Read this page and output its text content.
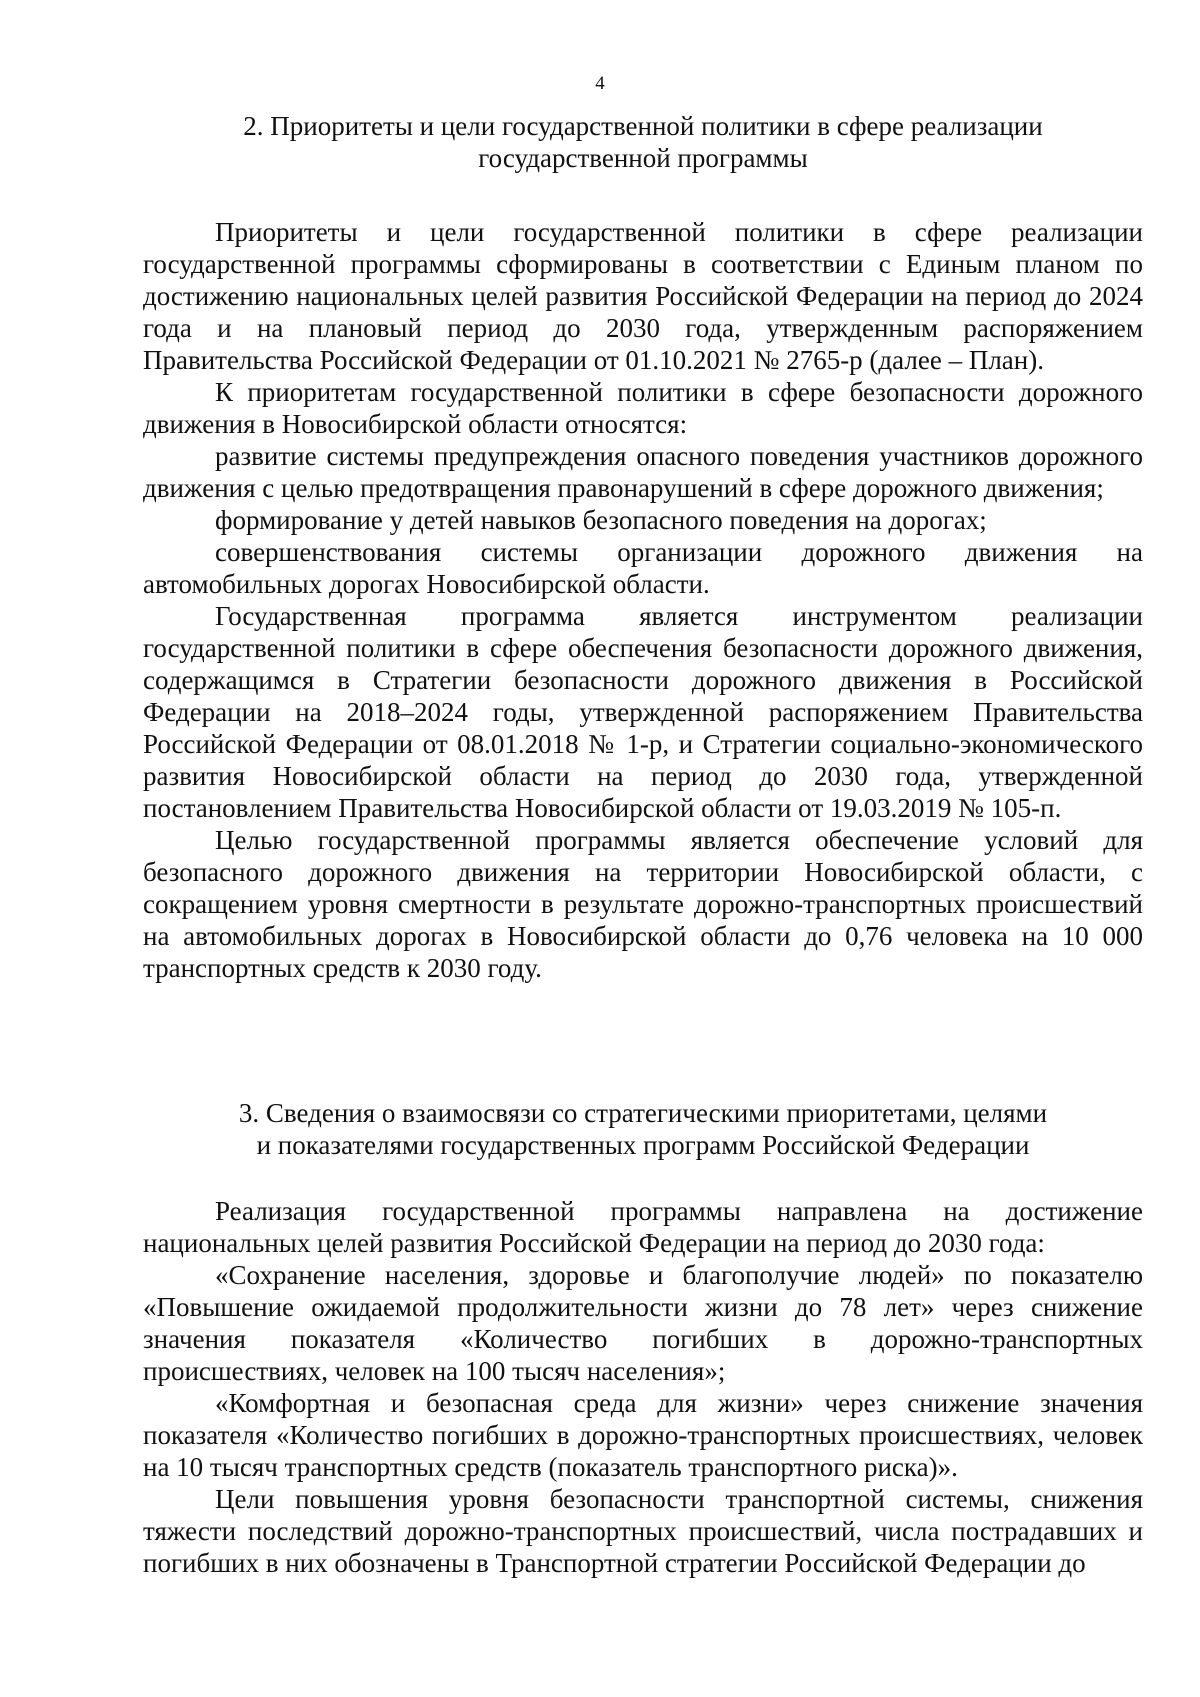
4
2. Приоритеты и цели государственной политики в сфере реализации
государственной программы

Приоритеты и цели государственной политики в сфере реализации государственной программы сформированы в соответствии с Единым планом по достижению национальных целей развития Российской Федерации на период до 2024 года и на плановый период до 2030 года, утвержденным распоряжением Правительства Российской Федерации от 01.10.2021 № 2765-р (далее – План).

К приоритетам государственной политики в сфере безопасности дорожного движения в Новосибирской области относятся:

развитие системы предупреждения опасного поведения участников дорожного движения с целью предотвращения правонарушений в сфере дорожного движения;

формирование у детей навыков безопасного поведения на дорогах;

совершенствования системы организации дорожного движения на автомобильных дорогах Новосибирской области.

Государственная программа является инструментом реализации государственной политики в сфере обеспечения безопасности дорожного движения, содержащимся в Стратегии безопасности дорожного движения в Российской Федерации на 2018–2024 годы, утвержденной распоряжением Правительства Российской Федерации от 08.01.2018 № 1-р, и Стратегии социально-экономического развития Новосибирской области на период до 2030 года, утвержденной постановлением Правительства Новосибирской области от 19.03.2019 № 105-п.

Целью государственной программы является обеспечение условий для безопасного дорожного движения на территории Новосибирской области, с сокращением уровня смертности в результате дорожно-транспортных происшествий на автомобильных дорогах в Новосибирской области до 0,76 человека на 10 000 транспортных средств к 2030 году.

3. Сведения о взаимосвязи со стратегическими приоритетами, целями
и показателями государственных программ Российской Федерации

Реализация государственной программы направлена на достижение национальных целей развития Российской Федерации на период до 2030 года:

«Сохранение населения, здоровье и благополучие людей» по показателю «Повышение ожидаемой продолжительности жизни до 78 лет» через снижение значения показателя «Количество погибших в дорожно-транспортных происшествиях, человек на 100 тысяч населения»;

«Комфортная и безопасная среда для жизни» через снижение значения показателя «Количество погибших в дорожно-транспортных происшествиях, человек на 10 тысяч транспортных средств (показатель транспортного риска)».

Цели повышения уровня безопасности транспортной системы, снижения тяжести последствий дорожно-транспортных происшествий, числа пострадавших и погибших в них обозначены в Транспортной стратегии Российской Федерации до
